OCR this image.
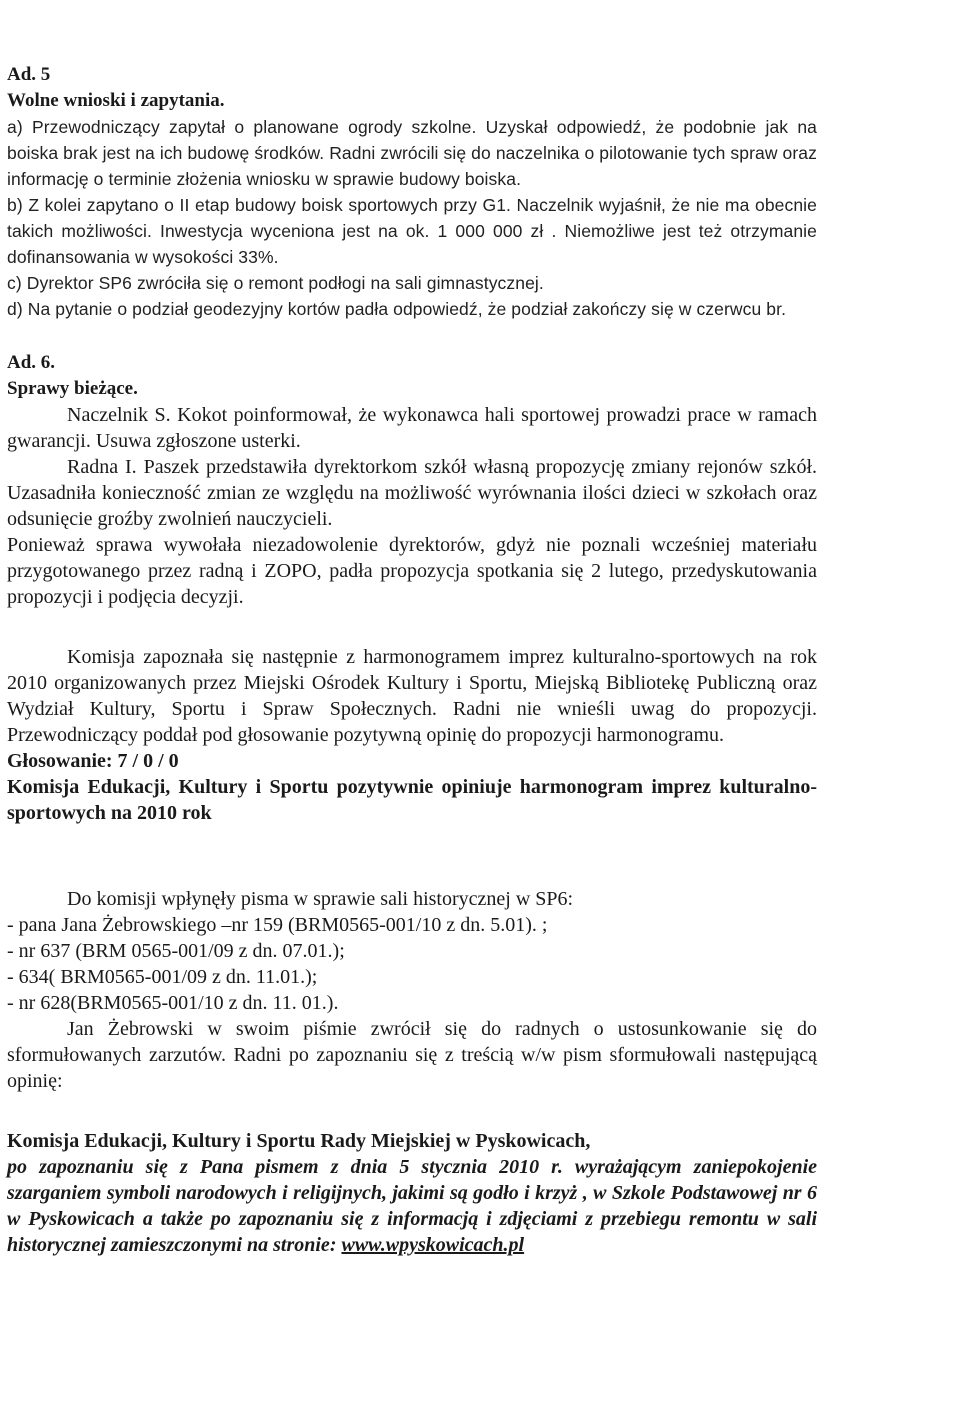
Ad. 5
Wolne wnioski i zapytania.

a) Przewodniczący zapytał o planowane ogrody szkolne. Uzyskał odpowiedź, że podobnie jak na boiska brak jest na ich budowę środków. Radni zwrócili się do naczelnika o pilotowanie tych spraw oraz informację o terminie złożenia wniosku w sprawie budowy boiska.

b) Z kolei zapytano o II etap budowy boisk sportowych przy G1. Naczelnik wyjaśnił, że nie ma obecnie takich możliwości. Inwestycja wyceniona jest na ok. 1 000 000 zł . Niemożliwe jest też otrzymanie dofinansowania w wysokości 33%.

c) Dyrektor SP6 zwróciła się o remont podłogi na sali gimnastycznej.

d) Na pytanie o podział geodezyjny kortów padła odpowiedź, że podział zakończy się w czerwcu br.

Ad. 6.
Sprawy bieżące.

Naczelnik S. Kokot poinformował, że wykonawca hali sportowej prowadzi prace w ramach gwarancji. Usuwa zgłoszone usterki.

Radna I. Paszek przedstawiła dyrektorkom szkół własną propozycję zmiany rejonów szkół. Uzasadniła konieczność zmian ze względu na możliwość wyrównania ilości dzieci w szkołach oraz odsunięcie groźby zwolnień nauczycieli.

Ponieważ sprawa wywołała niezadowolenie dyrektorów, gdyż nie poznali wcześniej materiału przygotowanego przez radną i ZOPO, padła propozycja spotkania się 2 lutego, przedyskutowania propozycji i podjęcia decyzji.

Komisja zapoznała się następnie z harmonogramem imprez kulturalno-sportowych na rok 2010 organizowanych przez Miejski Ośrodek Kultury i Sportu, Miejską Bibliotekę Publiczną oraz Wydział Kultury, Sportu i Spraw Społecznych. Radni nie wnieśli uwag do propozycji. Przewodniczący poddał pod głosowanie pozytywną opinię do propozycji harmonogramu.

Głosowanie: 7 / 0 / 0

Komisja Edukacji, Kultury i Sportu pozytywnie opiniuje harmonogram imprez kulturalno- sportowych na 2010 rok

Do komisji wpłynęły pisma w sprawie sali historycznej w SP6:

- pana Jana Żebrowskiego –nr 159 (BRM0565-001/10 z dn. 5.01). ;
- nr 637 (BRM 0565-001/09 z dn. 07.01.);
- 634( BRM0565-001/09 z dn. 11.01.);
- nr 628(BRM0565-001/10 z dn. 11. 01.).

Jan Żebrowski w swoim piśmie zwrócił się do radnych o ustosunkowanie się do sformułowanych zarzutów. Radni po zapoznaniu się z treścią w/w pism sformułowali następującą opinię:

Komisja Edukacji, Kultury i Sportu Rady Miejskiej w Pyskowicach,

po zapoznaniu się z Pana pismem z dnia 5 stycznia 2010 r. wyrażającym zaniepokojenie szarganiem symboli narodowych i religijnych, jakimi są godło i krzyż , w Szkole Podstawowej nr 6 w Pyskowicach a także po zapoznaniu się z informacją i zdjęciami z przebiegu remontu w sali historycznej zamieszczonymi na stronie: www.wpyskowicach.pl
